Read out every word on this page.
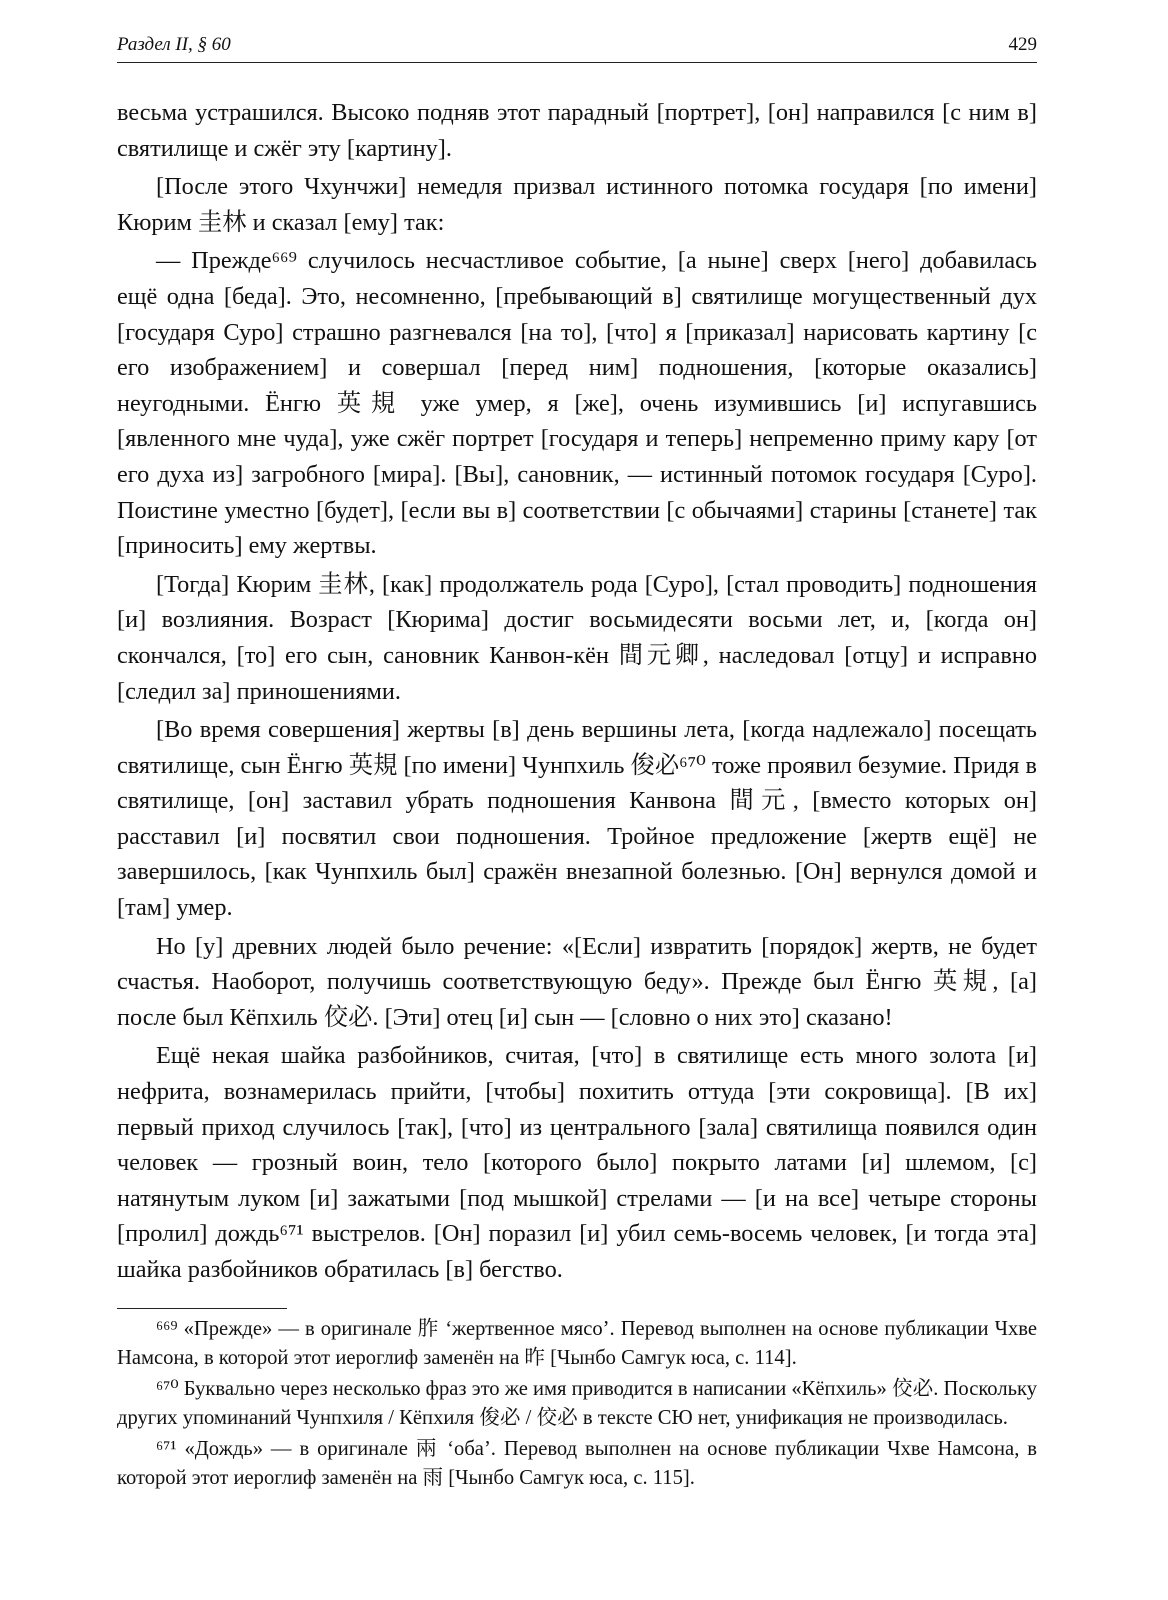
Раздел II, § 60	429

весьма устрашился. Высоко подняв этот парадный [портрет], [он] направился [с ним в] святилище и сжёг эту [картину].

[После этого Чхунчжи] немедля призвал истинного потомка государя [по имени] Кюрим 圭林 и сказал [ему] так:

— Прежде⁶⁶⁹ случилось несчастливое событие, [а ныне] сверх [него] добавилась ещё одна [беда]. Это, несомненно, [пребывающий в] святилище могущественный дух [государя Суро] страшно разгневался [на то], [что] я [приказал] нарисовать картину [с его изображением] и совершал [перед ним] подношения, [которые оказались] неугодными. Ёнгю 英規 уже умер, я [же], очень изумившись [и] испугавшись [явленного мне чуда], уже сжёг портрет [государя и теперь] непременно приму кару [от его духа из] загробного [мира]. [Вы], сановник, — истинный потомок государя [Суро]. Поистине уместно [будет], [если вы в] соответствии [с обычаями] старины [станете] так [приносить] ему жертвы.

[Тогда] Кюрим 圭林, [как] продолжатель рода [Суро], [стал проводить] подношения [и] возлияния. Возраст [Кюрима] достиг восьмидесяти восьми лет, и, [когда он] скончался, [то] его сын, сановник Канвон-кён 間元卿, наследовал [отцу] и исправно [следил за] приношениями.

[Во время совершения] жертвы [в] день вершины лета, [когда надлежало] посещать святилище, сын Ёнгю 英規 [по имени] Чунпхиль 俊必⁶⁷⁰ тоже проявил безумие. Придя в святилище, [он] заставил убрать подношения Канвона 間元, [вместо которых он] расставил [и] посвятил свои подношения. Тройное предложение [жертв ещё] не завершилось, [как Чунпхиль был] сражён внезапной болезнью. [Он] вернулся домой и [там] умер.

Но [у] древних людей было речение: «[Если] извратить [порядок] жертв, не будет счастья. Наоборот, получишь соответствующую беду». Прежде был Ёнгю 英規, [а] после был Кёпхиль 佼必. [Эти] отец [и] сын — [словно о них это] сказано!

Ещё некая шайка разбойников, считая, [что] в святилище есть много золота [и] нефрита, вознамерилась прийти, [чтобы] похитить оттуда [эти сокровища]. [В их] первый приход случилось [так], [что] из центрального [зала] святилища появился один человек — грозный воин, тело [которого было] покрыто латами [и] шлемом, [с] натянутым луком [и] зажатыми [под мышкой] стрелами — [и на все] четыре стороны [пролил] дождь⁶⁷¹ выстрелов. [Он] поразил [и] убил семь-восемь человек, [и тогда эта] шайка разбойников обратилась [в] бегство.

⁶⁶⁹ «Прежде» — в оригинале 胙 ‘жертвенное мясо’. Перевод выполнен на основе публикации Чхве Намсона, в которой этот иероглиф заменён на 昨 [Чынбо Самгук юса, с. 114].

⁶⁷⁰ Буквально через несколько фраз это же имя приводится в написании «Кёпхиль» 佼必. Поскольку других упоминаний Чунпхиля / Кёпхиля 俊必 / 佼必 в тексте СЮ нет, унификация не производилась.

⁶⁷¹ «Дождь» — в оригинале 兩 ‘оба’. Перевод выполнен на основе публикации Чхве Намсона, в которой этот иероглиф заменён на 雨 [Чынбо Самгук юса, с. 115].
